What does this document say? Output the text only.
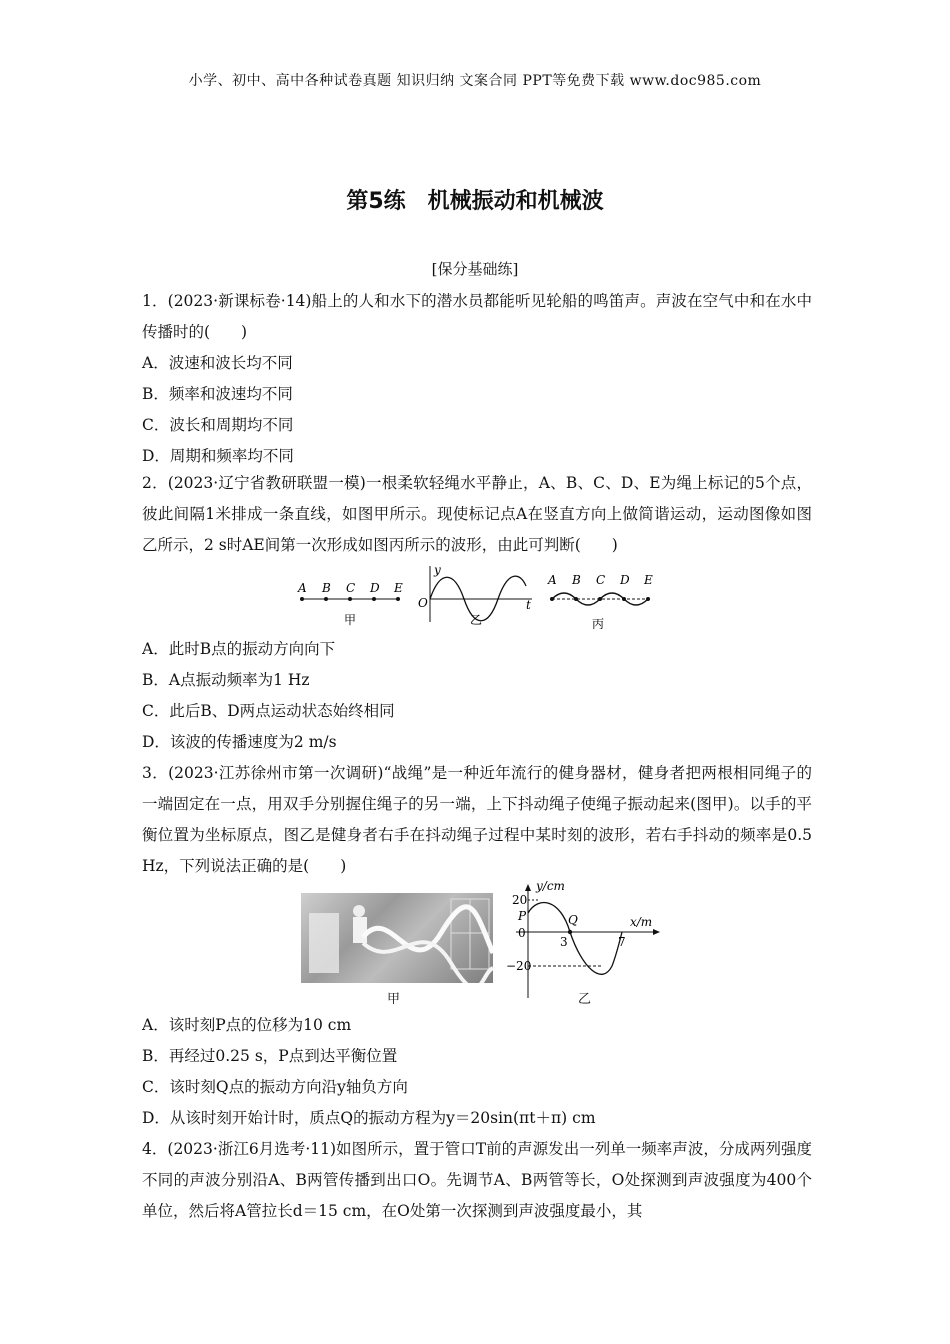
小学、初中、高中各种试卷真题 知识归纳 文案合同 PPT等免费下载 www.doc985.com
第5练　机械振动和机械波
[保分基础练]

1．(2023·新课标卷·14)船上的人和水下的潜水员都能听见轮船的鸣笛声。声波在空气中和在水中传播时的(　　)

A．波速和波长均不同

B．频率和波速均不同

C．波长和周期均不同

D．周期和频率均不同

2．(2023·辽宁省教研联盟一模)一根柔软轻绳水平静止，A、B、C、D、E为绳上标记的5个点，彼此间隔1米排成一条直线，如图甲所示。现使标记点A在竖直方向上做简谐运动，运动图像如图乙所示，2 s时AE间第一次形成如图丙所示的波形，由此可判断(　　)

A B C D E
甲
y
O	t
乙
A B C D E
丙

A．此时B点的振动方向向下

B．A点振动频率为1 Hz

C．此后B、D两点运动状态始终相同

D．该波的传播速度为2 m/s

3．(2023·江苏徐州市第一次调研)“战绳”是一种近年流行的健身器材，健身者把两根相同绳子的一端固定在一点，用双手分别握住绳子的另一端，上下抖动绳子使绳子振动起来(图甲)。以手的平衡位置为坐标原点，图乙是健身者右手在抖动绳子过程中某时刻的波形，若右手抖动的频率是0.5 Hz，下列说法正确的是(　　)

甲
y/cm
x/m
20
P	Q
0
3	7
−20
乙

A．该时刻P点的位移为10 cm

B．再经过0.25 s，P点到达平衡位置

C．该时刻Q点的振动方向沿y轴负方向

D．从该时刻开始计时，质点Q的振动方程为y＝20sin(πt＋π) cm

4．(2023·浙江6月选考·11)如图所示，置于管口T前的声源发出一列单一频率声波，分成两列强度不同的声波分别沿A、B两管传播到出口O。先调节A、B两管等长，O处探测到声波强度为400个单位，然后将A管拉长d＝15 cm，在O处第一次探测到声波强度最小，其
